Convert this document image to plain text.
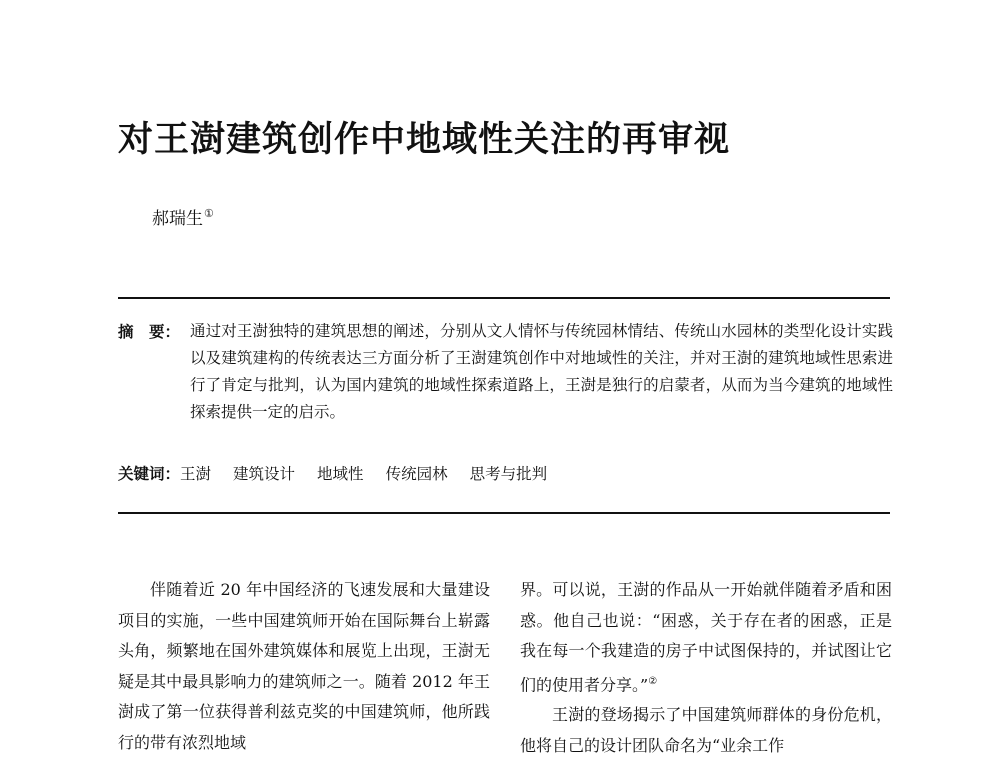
对王澍建筑创作中地域性关注的再审视
郝瑞生①
摘　要： 通过对王澍独特的建筑思想的阐述，分别从文人情怀与传统园林情结、传统山水园林的类型化设计实践以及建筑建构的传统表达三方面分析了王澍建筑创作中对地域性的关注，并对王澍的建筑地域性思索进行了肯定与批判，认为国内建筑的地域性探索道路上，王澍是独行的启蒙者，从而为当今建筑的地域性探索提供一定的启示。
关键词：王澍 建筑设计 地域性 传统园林 思考与批判

伴随着近 20 年中国经济的飞速发展和大量建设项目的实施，一些中国建筑师开始在国际舞台上崭露头角，频繁地在国外建筑媒体和展览上出现，王澍无疑是其中最具影响力的建筑师之一。随着 2012 年王澍成了第一位获得普利兹克奖的中国建筑师，他所践行的带有浓烈地域

界。可以说，王澍的作品从一开始就伴随着矛盾和困惑。他自己也说：“困惑，关于存在者的困惑，正是我在每一个我建造的房子中试图保持的，并试图让它们的使用者分享。”②

王澍的登场揭示了中国建筑师群体的身份危机，他将自己的设计团队命名为“业余工作
